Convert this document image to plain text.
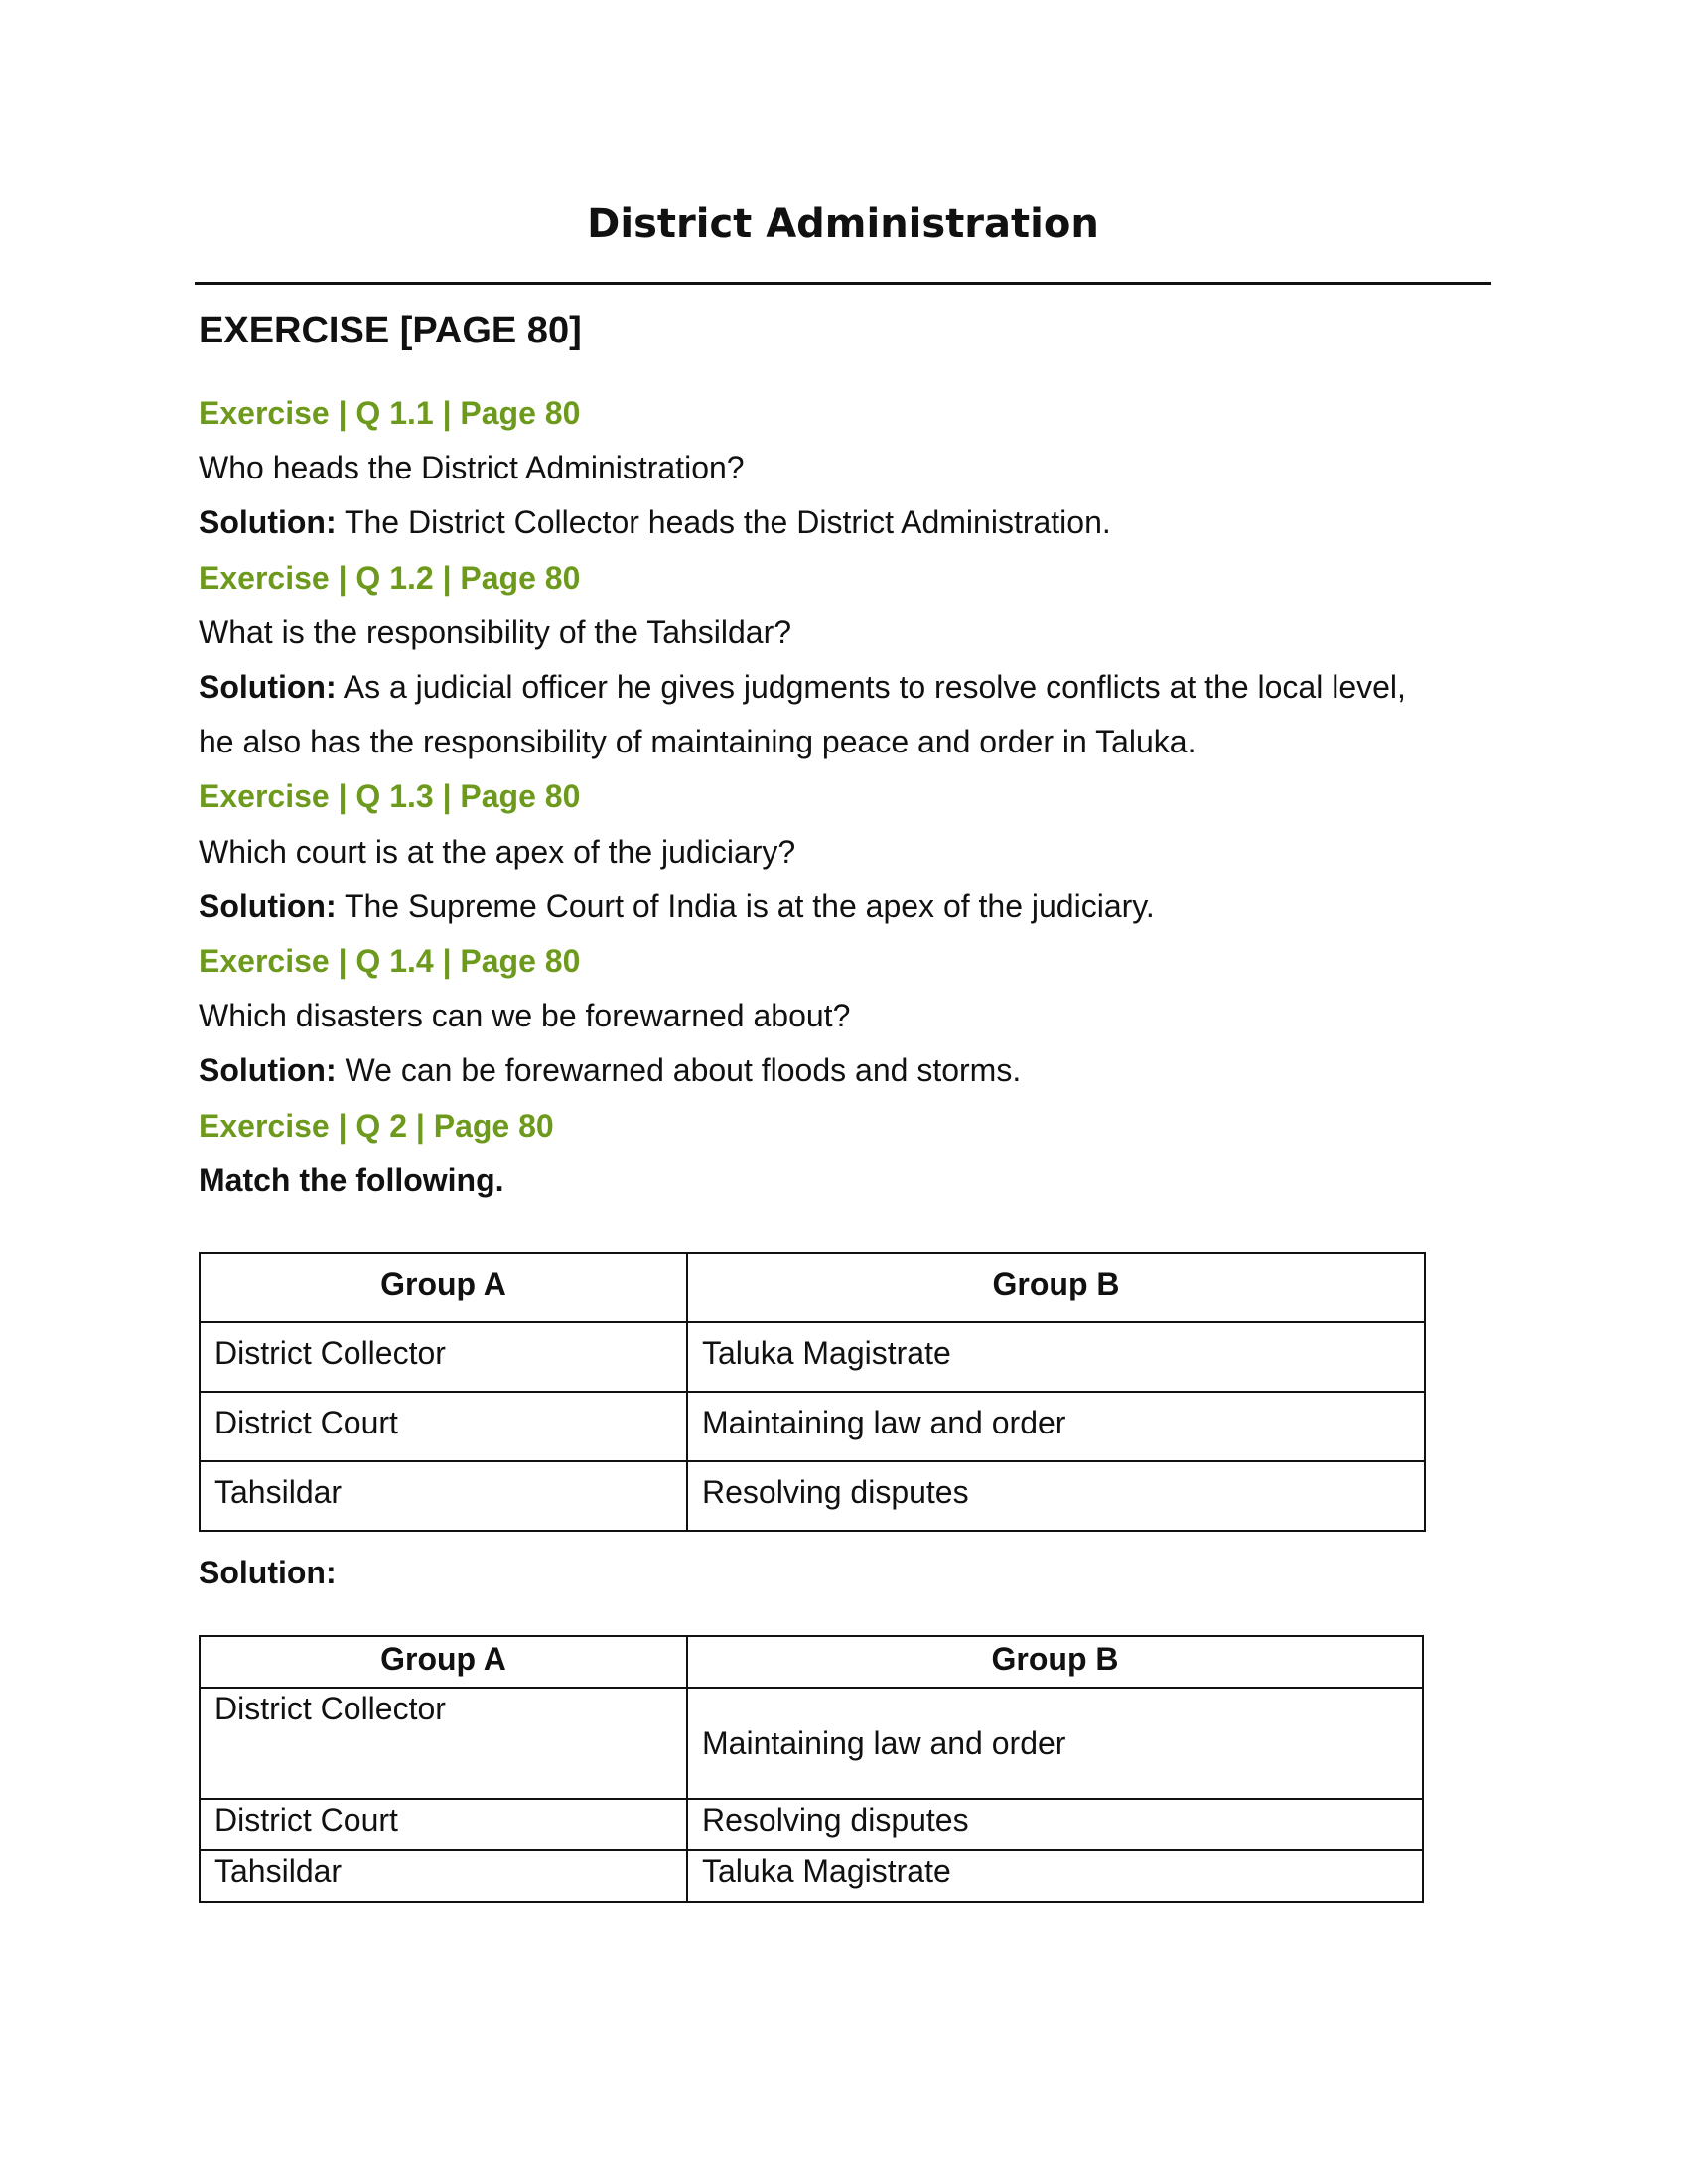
District Administration
EXERCISE [PAGE 80]

Exercise | Q 1.1 | Page 80

Who heads the District Administration?

Solution: The District Collector heads the District Administration.

Exercise | Q 1.2 | Page 80

What is the responsibility of the Tahsildar?

Solution: As a judicial officer he gives judgments to resolve conflicts at the local level,

he also has the responsibility of maintaining peace and order in Taluka.

Exercise | Q 1.3 | Page 80

Which court is at the apex of the judiciary?

Solution: The Supreme Court of India is at the apex of the judiciary.

Exercise | Q 1.4 | Page 80

Which disasters can we be forewarned about?

Solution: We can be forewarned about floods and storms.

Exercise | Q 2 | Page 80

Match the following.

Group A	Group B
District Collector	Taluka Magistrate
District Court	Maintaining law and order
Tahsildar	Resolving disputes

Solution:

Group A	Group B
District Collector	Maintaining law and order
District Court	Resolving disputes
Tahsildar	Taluka Magistrate
